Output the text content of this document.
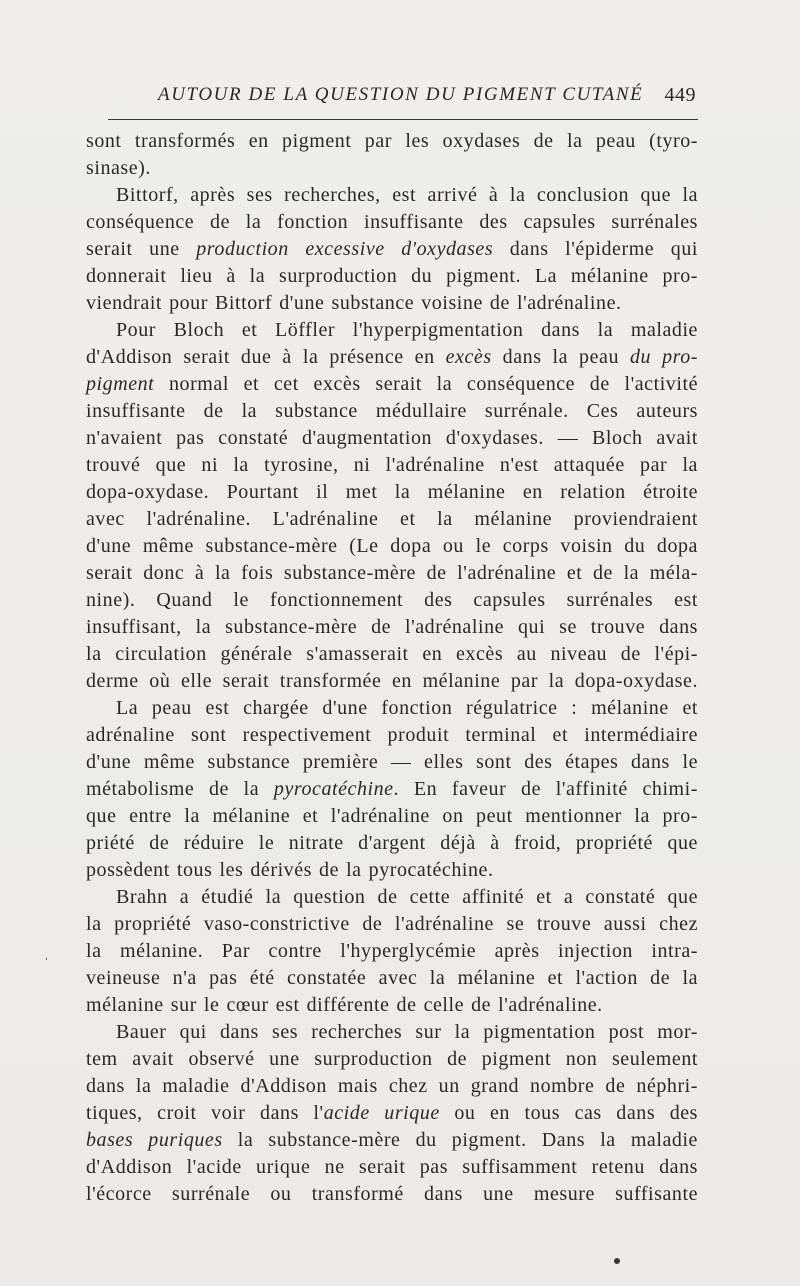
AUTOUR DE LA QUESTION DU PIGMENT CUTANÉ 449

sont transformés en pigment par les oxydases de la peau (tyro-

sinase).

Bittorf, après ses recherches, est arrivé à la conclusion que la

conséquence de la fonction insuffisante des capsules surrénales

serait une production excessive d'oxydases dans l'épiderme qui

donnerait lieu à la surproduction du pigment. La mélanine pro-

viendrait pour Bittorf d'une substance voisine de l'adrénaline.

Pour Bloch et Löffler l'hyperpigmentation dans la maladie

d'Addison serait due à la présence en excès dans la peau du pro-

pigment normal et cet excès serait la conséquence de l'activité

insuffisante de la substance médullaire surrénale. Ces auteurs

n'avaient pas constaté d'augmentation d'oxydases. — Bloch avait

trouvé que ni la tyrosine, ni l'adrénaline n'est attaquée par la

dopa-oxydase. Pourtant il met la mélanine en relation étroite

avec l'adrénaline. L'adrénaline et la mélanine proviendraient

d'une même substance-mère (Le dopa ou le corps voisin du dopa

serait donc à la fois substance-mère de l'adrénaline et de la méla-

nine). Quand le fonctionnement des capsules surrénales est

insuffisant, la substance-mère de l'adrénaline qui se trouve dans

la circulation générale s'amasserait en excès au niveau de l'épi-

derme où elle serait transformée en mélanine par la dopa-oxydase.

La peau est chargée d'une fonction régulatrice : mélanine et

adrénaline sont respectivement produit terminal et intermédiaire

d'une même substance première — elles sont des étapes dans le

métabolisme de la pyrocatéchine. En faveur de l'affinité chimi-

que entre la mélanine et l'adrénaline on peut mentionner la pro-

priété de réduire le nitrate d'argent déjà à froid, propriété que

possèdent tous les dérivés de la pyrocatéchine.

Brahn a étudié la question de cette affinité et a constaté que

la propriété vaso-constrictive de l'adrénaline se trouve aussi chez

la mélanine. Par contre l'hyperglycémie après injection intra-

veineuse n'a pas été constatée avec la mélanine et l'action de la

mélanine sur le cœur est différente de celle de l'adrénaline.

Bauer qui dans ses recherches sur la pigmentation post mor-

tem avait observé une surproduction de pigment non seulement

dans la maladie d'Addison mais chez un grand nombre de néphri-

tiques, croit voir dans l'acide urique ou en tous cas dans des

bases puriques la substance-mère du pigment. Dans la maladie

d'Addison l'acide urique ne serait pas suffisamment retenu dans

l'écorce surrénale ou transformé dans une mesure suffisante

ˌ
